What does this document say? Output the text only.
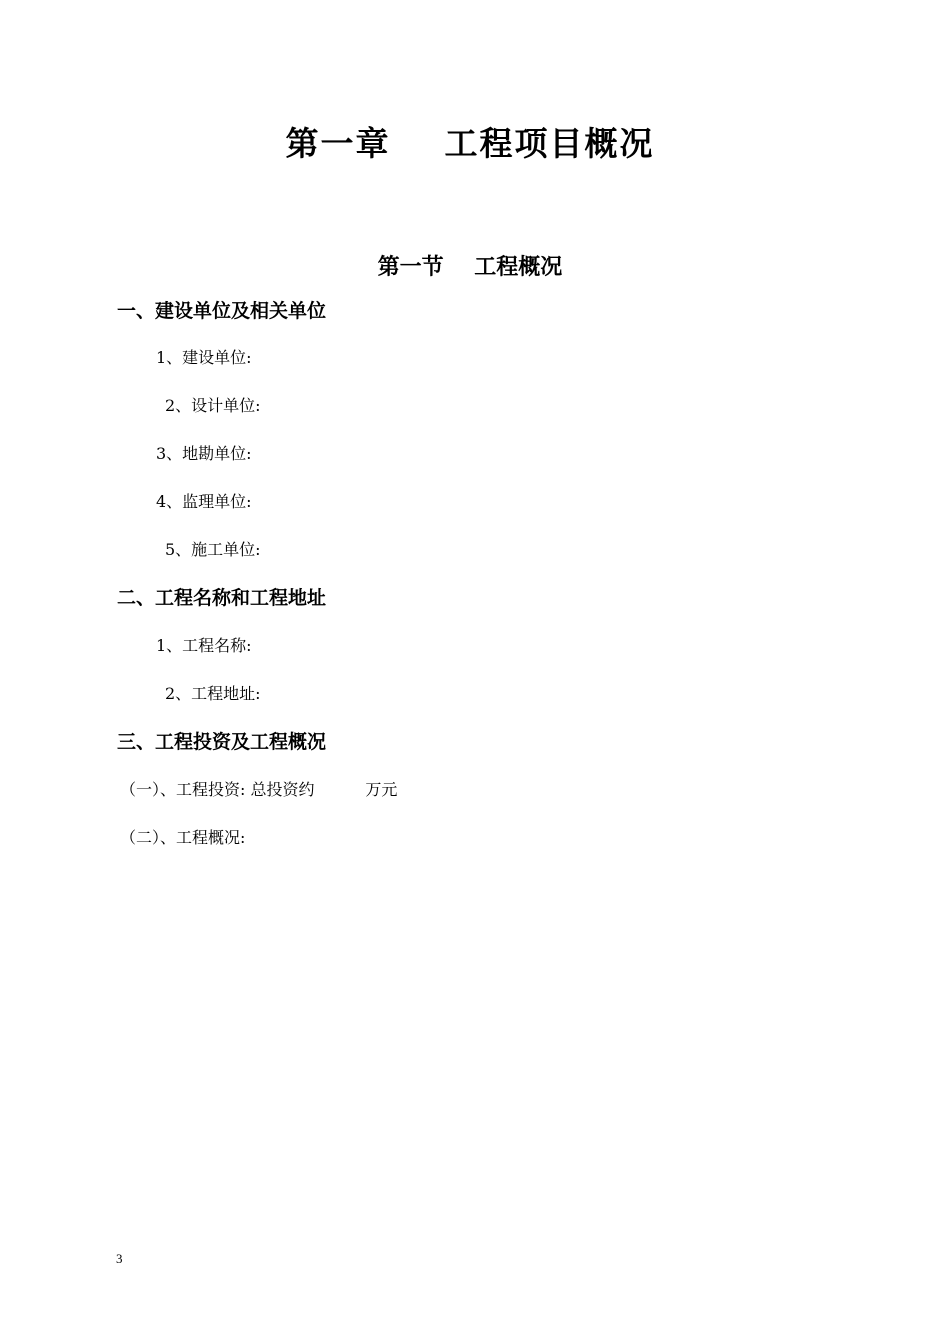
第一章    工程项目概况
第一节    工程概况
一、建设单位及相关单位
1、建设单位:
2、设计单位:
3、地勘单位:
4、监理单位:
5、施工单位:
二、工程名称和工程地址
1、工程名称:
2、工程地址:
三、工程投资及工程概况
（一）、工程投资: 总投资约          万元
（二）、工程概况:
3
